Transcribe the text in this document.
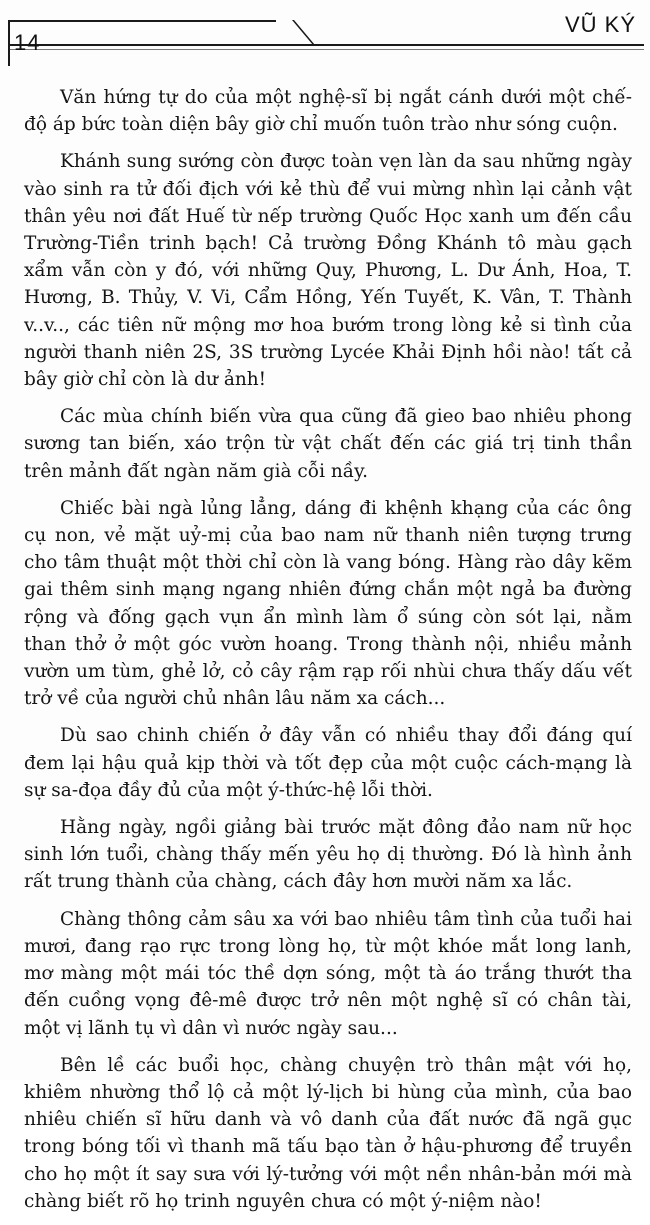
14
VŨ KÝ

Văn hứng tự do của một nghệ-sĩ bị ngắt cánh dưới một chế-độ áp bức toàn diện bây giờ chỉ muốn tuôn trào như sóng cuộn.

Khánh sung sướng còn được toàn vẹn làn da sau những ngày vào sinh ra tử đối địch với kẻ thù để vui mừng nhìn lại cảnh vật thân yêu nơi đất Huế từ nếp trường Quốc Học xanh um đến cầu Trường-Tiền trinh bạch! Cả trường Đồng Khánh tô màu gạch xẩm vẫn còn y đó, với những Quy, Phương, L. Dư Ánh, Hoa, T. Hương, B. Thủy, V. Vi, Cẩm Hồng, Yến Tuyết, K. Vân, T. Thành v..v.., các tiên nữ mộng mơ hoa bướm trong lòng kẻ si tình của người thanh niên 2S, 3S trường Lycée Khải Định hồi nào! tất cả bây giờ chỉ còn là dư ảnh!

Các mùa chính biến vừa qua cũng đã gieo bao nhiêu phong sương tan biến, xáo trộn từ vật chất đến các giá trị tinh thần trên mảnh đất ngàn năm già cỗi nầy.

Chiếc bài ngà lủng lẳng, dáng đi khệnh khạng của các ông cụ non, vẻ mặt uỷ-mị của bao nam nữ thanh niên tượng trưng cho tâm thuật một thời chỉ còn là vang bóng. Hàng rào dây kẽm gai thêm sinh mạng ngang nhiên đứng chắn một ngả ba đường rộng và đống gạch vụn ẩn mình làm ổ súng còn sót lại, nằm than thở ở một góc vườn hoang. Trong thành nội, nhiều mảnh vườn um tùm, ghẻ lở, cỏ cây rậm rạp rối nhùi chưa thấy dấu vết trở về của người chủ nhân lâu năm xa cách...

Dù sao chinh chiến ở đây vẫn có nhiều thay đổi đáng quí đem lại hậu quả kịp thời và tốt đẹp của một cuộc cách-mạng là sự sa-đọa đầy đủ của một ý-thức-hệ lỗi thời.

Hằng ngày, ngồi giảng bài trước mặt đông đảo nam nữ học sinh lớn tuổi, chàng thấy mến yêu họ dị thường. Đó là hình ảnh rất trung thành của chàng, cách đây hơn mười năm xa lắc.

Chàng thông cảm sâu xa với bao nhiêu tâm tình của tuổi hai mươi, đang rạo rực trong lòng họ, từ một khóe mắt long lanh, mơ màng một mái tóc thề dợn sóng, một tà áo trắng thướt tha đến cuồng vọng đê-mê được trở nên một nghệ sĩ có chân tài, một vị lãnh tụ vì dân vì nước ngày sau...

Bên lề các buổi học, chàng chuyện trò thân mật với họ, khiêm nhường thổ lộ cả một lý-lịch bi hùng của mình, của bao nhiêu chiến sĩ hữu danh và vô danh của đất nước đã ngã gục trong bóng tối vì thanh mã tấu bạo tàn ở hậu-phương để truyền cho họ một ít say sưa với lý-tưởng với một nền nhân-bản mới mà chàng biết rõ họ trinh nguyên chưa có một ý-niệm nào!
